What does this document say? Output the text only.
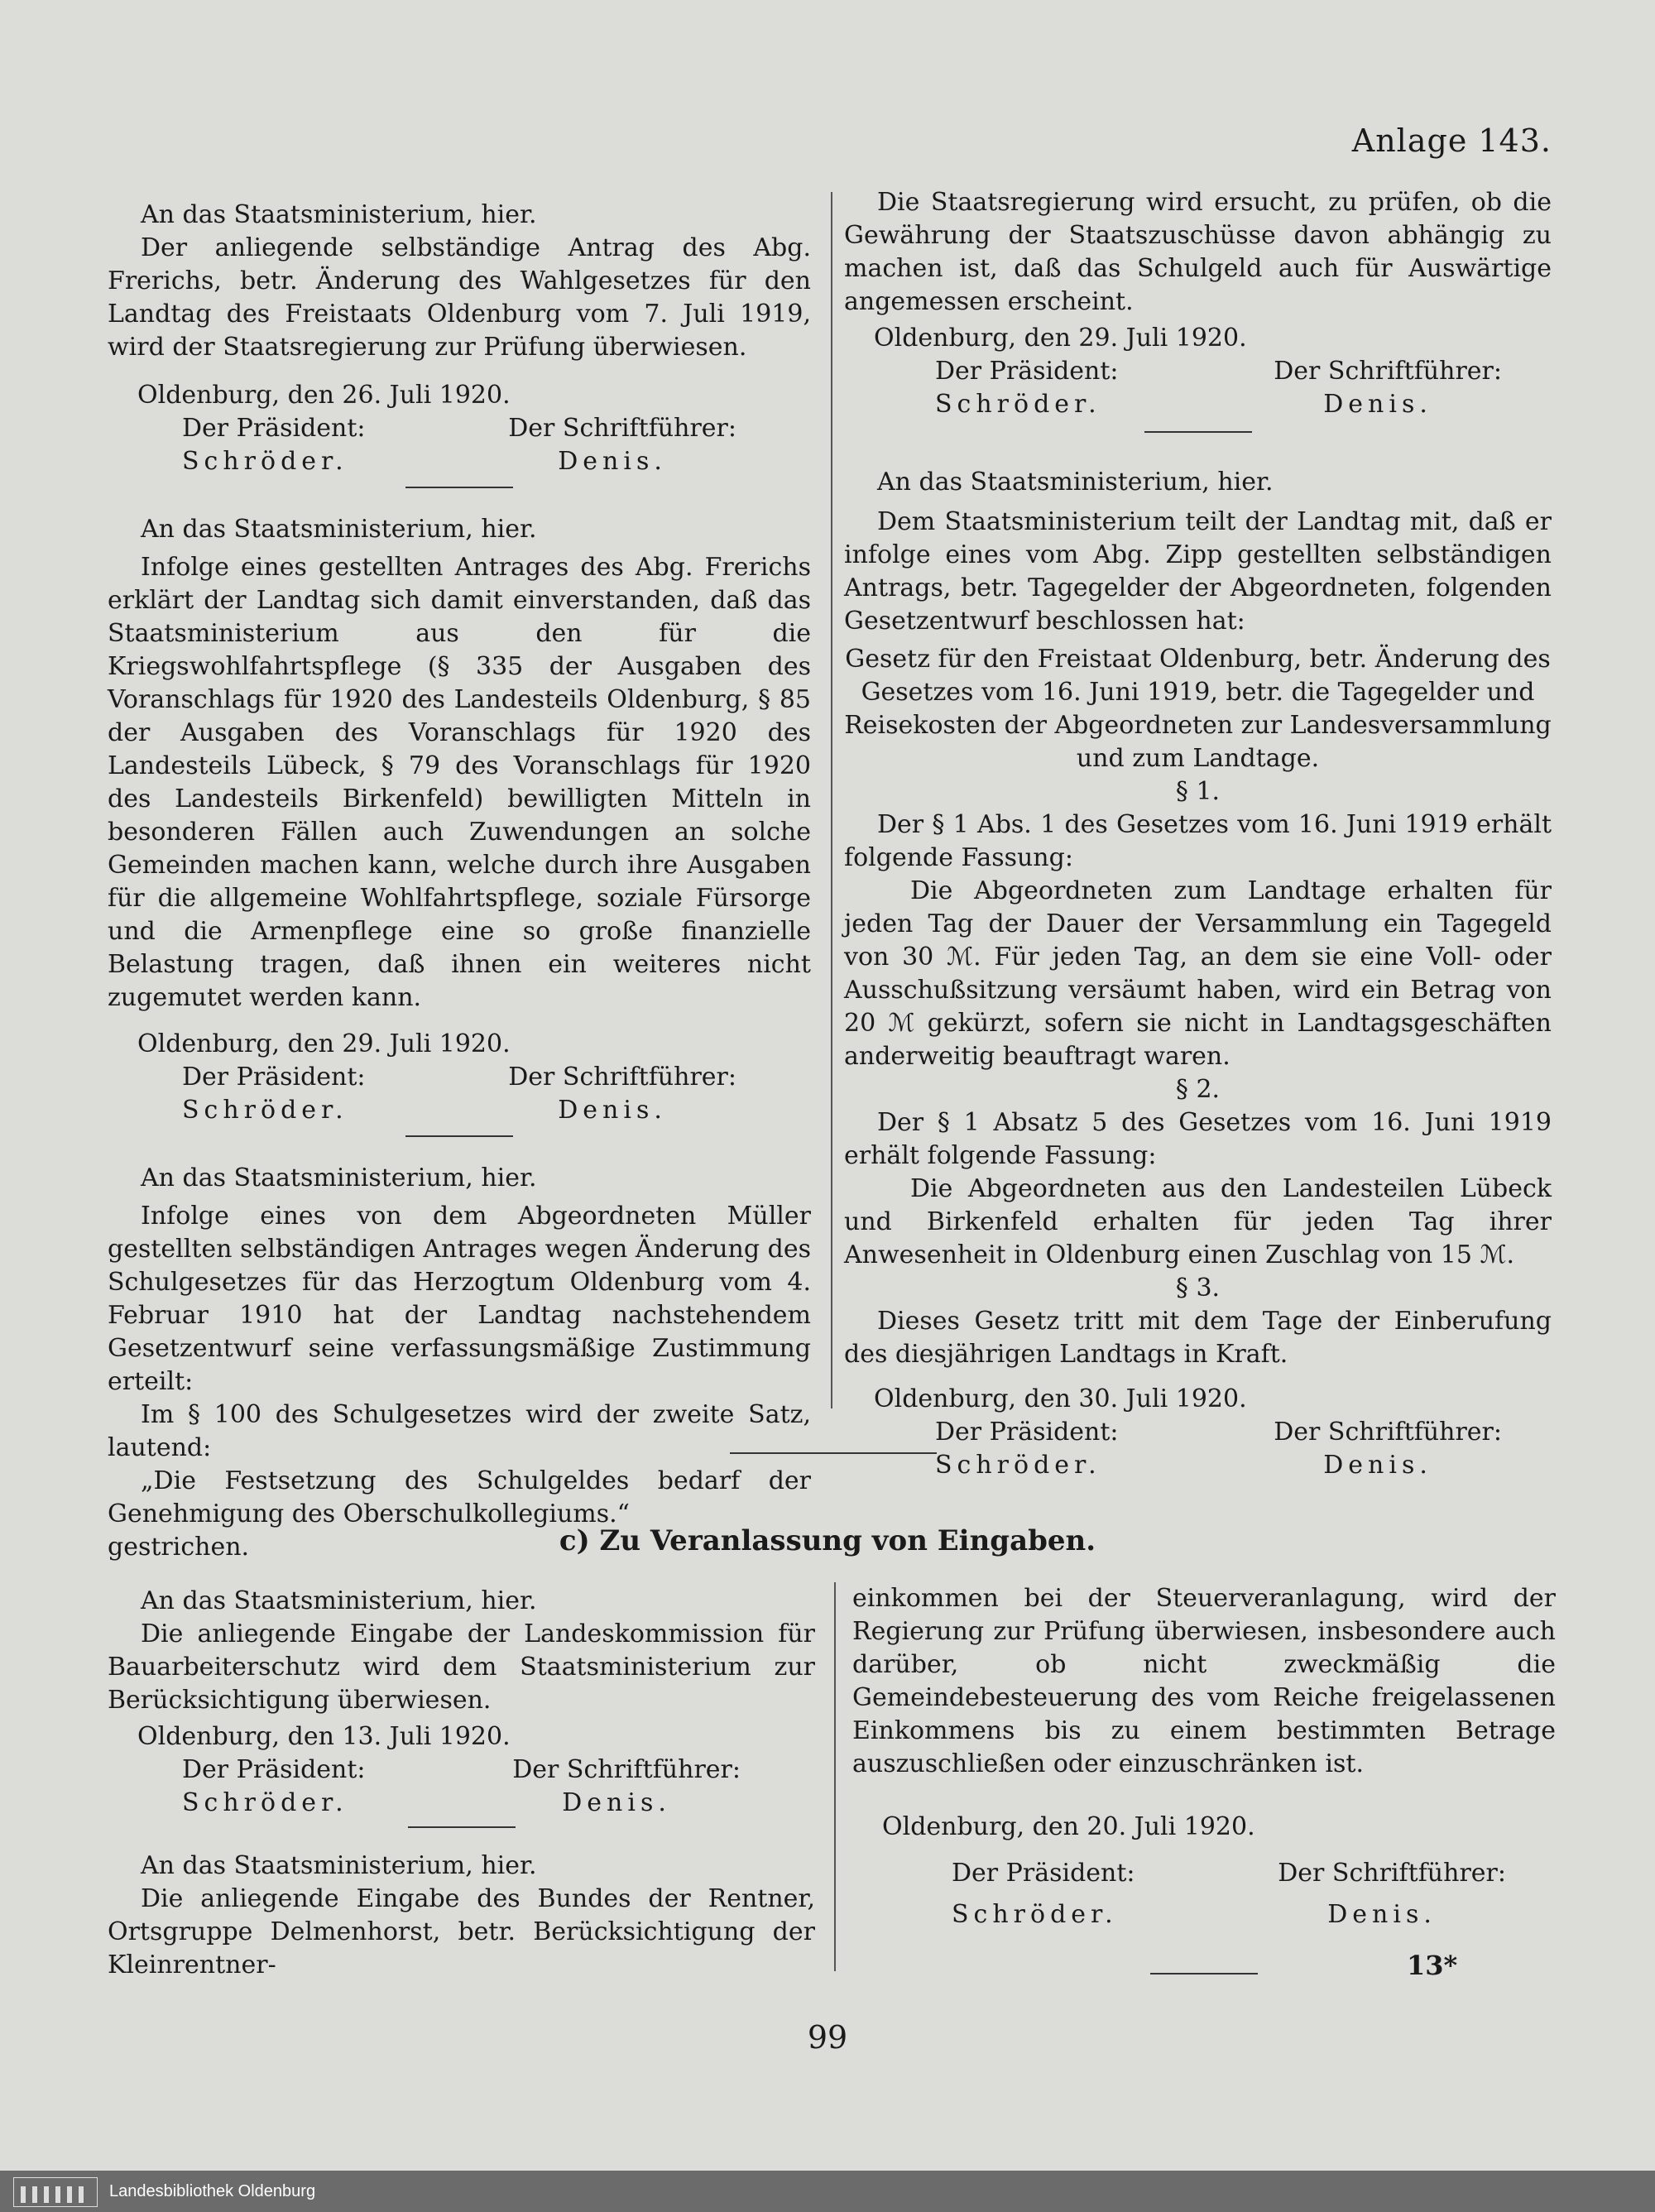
Anlage 143.

An das Staatsministerium, hier.

Der anliegende selbständige Antrag des Abg. Frerichs, betr. Änderung des Wahlgesetzes für den Landtag des Freistaats Oldenburg vom 7. Juli 1919, wird der Staatsregierung zur Prüfung überwiesen.

Oldenburg, den 26. Juli 1920.

Der Präsident:
Schröder.
Der Schriftführer:
Denis.

An das Staatsministerium, hier.

Infolge eines gestellten Antrages des Abg. Frerichs erklärt der Landtag sich damit einverstanden, daß das Staatsministerium aus den für die Kriegswohlfahrtspflege (§ 335 der Ausgaben des Voranschlags für 1920 des Landesteils Oldenburg, § 85 der Ausgaben des Voranschlags für 1920 des Landesteils Lübeck, § 79 des Voranschlags für 1920 des Landesteils Birkenfeld) bewilligten Mitteln in besonderen Fällen auch Zuwendungen an solche Gemeinden machen kann, welche durch ihre Ausgaben für die allgemeine Wohlfahrtspflege, soziale Fürsorge und die Armenpflege eine so große finanzielle Belastung tragen, daß ihnen ein weiteres nicht zugemutet werden kann.

Oldenburg, den 29. Juli 1920.

Der Präsident:
Schröder.
Der Schriftführer:
Denis.

An das Staatsministerium, hier.

Infolge eines von dem Abgeordneten Müller gestellten selbständigen Antrages wegen Änderung des Schulgesetzes für das Herzogtum Oldenburg vom 4. Februar 1910 hat der Landtag nachstehendem Gesetzentwurf seine verfassungsmäßige Zustimmung erteilt:

Im § 100 des Schulgesetzes wird der zweite Satz, lautend:

„Die Festsetzung des Schulgeldes bedarf der Genehmigung des Oberschulkollegiums.“

gestrichen.

Die Staatsregierung wird ersucht, zu prüfen, ob die Gewährung der Staatszuschüsse davon abhängig zu machen ist, daß das Schulgeld auch für Auswärtige angemessen erscheint.

Oldenburg, den 29. Juli 1920.

Der Präsident:
Schröder.
Der Schriftführer:
Denis.

An das Staatsministerium, hier.

Dem Staatsministerium teilt der Landtag mit, daß er infolge eines vom Abg. Zipp gestellten selbständigen Antrags, betr. Tagegelder der Abgeordneten, folgenden Gesetzentwurf beschlossen hat:

Gesetz für den Freistaat Oldenburg, betr. Änderung des Gesetzes vom 16. Juni 1919, betr. die Tagegelder und Reisekosten der Abgeordneten zur Landesversammlung und zum Landtage.

§ 1.

Der § 1 Abs. 1 des Gesetzes vom 16. Juni 1919 erhält folgende Fassung:

Die Abgeordneten zum Landtage erhalten für jeden Tag der Dauer der Versammlung ein Tagegeld von 30 ℳ. Für jeden Tag, an dem sie eine Voll- oder Ausschußsitzung versäumt haben, wird ein Betrag von 20 ℳ gekürzt, sofern sie nicht in Landtagsgeschäften anderweitig beauftragt waren.

§ 2.

Der § 1 Absatz 5 des Gesetzes vom 16. Juni 1919 erhält folgende Fassung:

Die Abgeordneten aus den Landesteilen Lübeck und Birkenfeld erhalten für jeden Tag ihrer Anwesenheit in Oldenburg einen Zuschlag von 15 ℳ.

§ 3.

Dieses Gesetz tritt mit dem Tage der Einberufung des diesjährigen Landtags in Kraft.

Oldenburg, den 30. Juli 1920.

Der Präsident:
Schröder.
Der Schriftführer:
Denis.
c) Zu Veranlassung von Eingaben.

An das Staatsministerium, hier.

Die anliegende Eingabe der Landeskommission für Bauarbeiterschutz wird dem Staatsministerium zur Berücksichtigung überwiesen.

Oldenburg, den 13. Juli 1920.

Der Präsident:
Schröder.
Der Schriftführer:
Denis.

An das Staatsministerium, hier.

Die anliegende Eingabe des Bundes der Rentner, Ortsgruppe Delmenhorst, betr. Berücksichtigung der Kleinrentner-

einkommen bei der Steuerveranlagung, wird der Regierung zur Prüfung überwiesen, insbesondere auch darüber, ob nicht zweckmäßig die Gemeindebesteuerung des vom Reiche freigelassenen Einkommens bis zu einem bestimmten Betrage auszuschließen oder einzuschränken ist.

Oldenburg, den 20. Juli 1920.

Der Präsident:
Schröder.
Der Schriftführer:
Denis.
13*
99
Landesbibliothek Oldenburg
